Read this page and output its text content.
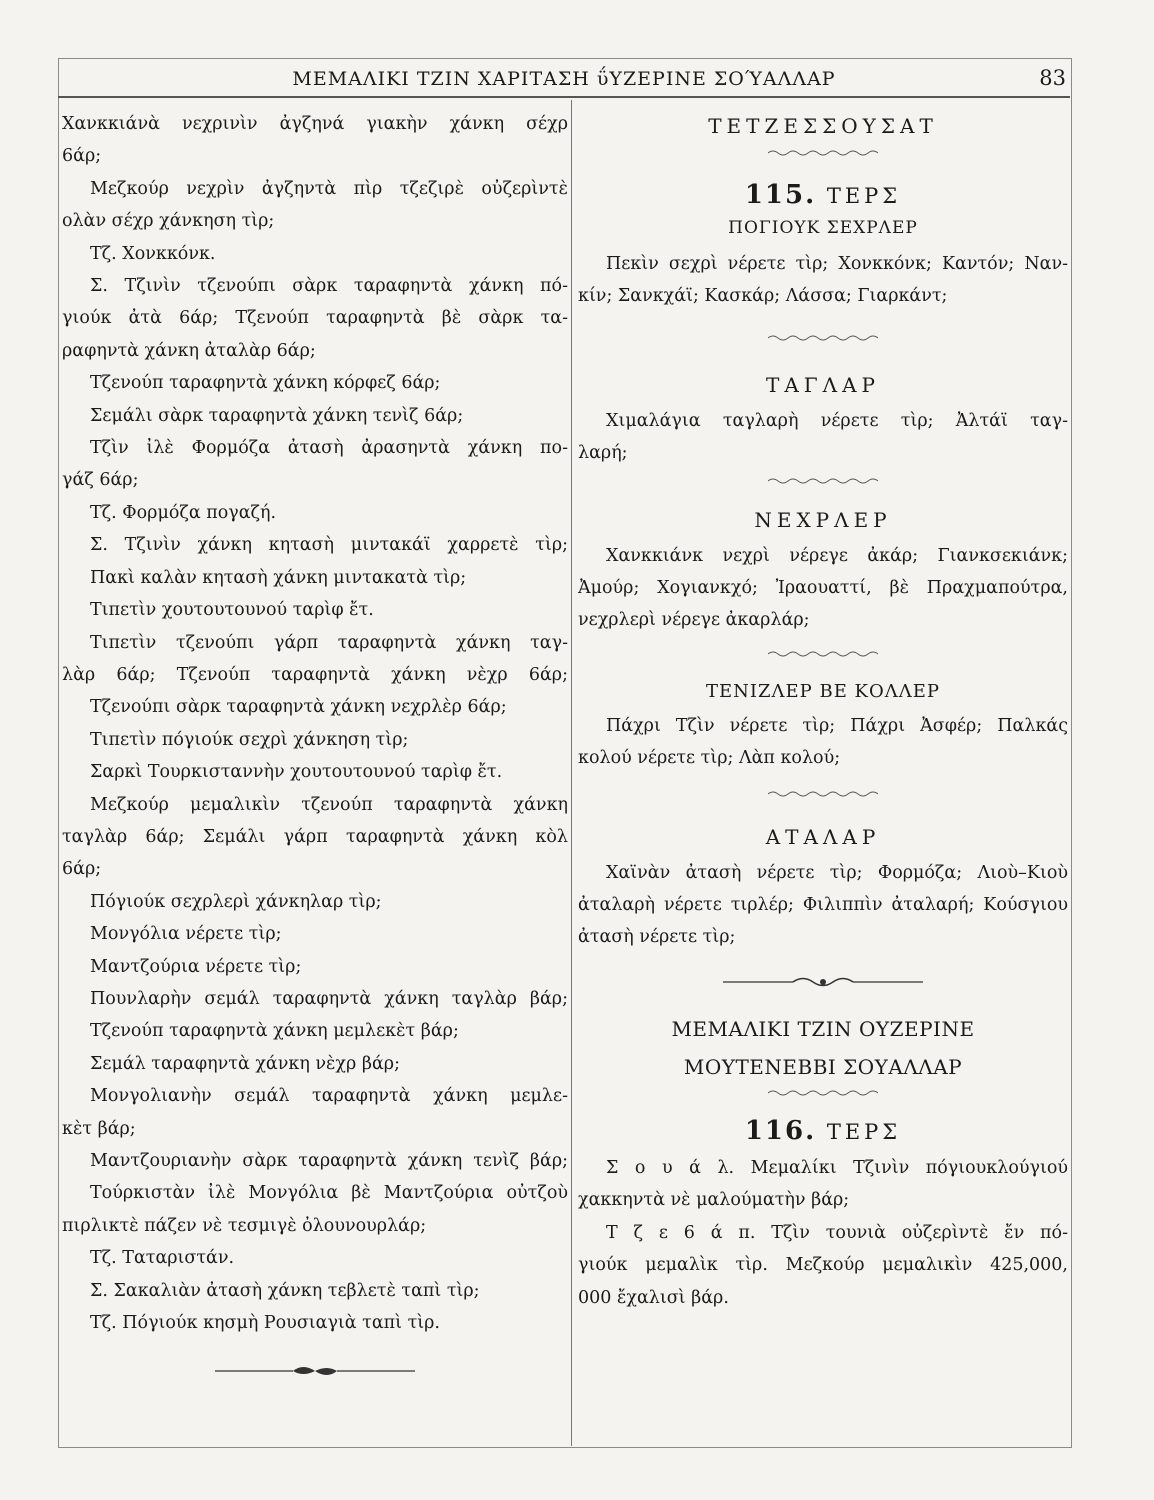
ΜΕΜΑΛΙΚΙ ΤΖΙΝ ΧΑΡΙΤΑΣΗ ΰΥΖΕΡΙΝΕ ΣΟΎΑΛΛΑΡ	83
Χανκκιάνὰ νεχρινὶν ἀγζηνά γιακὴν χάνκη σέχρ
6άρ;
Μεζκούρ νεχρὶν ἀγζηντὰ πὶρ τζεζιρὲ οὐζερὶντὲ
ολὰν σέχρ χάνκηση τὶρ;
Τζ. Χονκκόνκ.
Σ. Τζινὶν τζενούπι σὰρκ ταραφηντὰ χάνκη πό-
γιούκ ἀτὰ 6άρ; Τζενούπ ταραφηντὰ βὲ σὰρκ τα-
ραφηντὰ χάνκη ἀταλὰρ 6άρ;
Τζενούπ ταραφηντὰ χάνκη κόρφεζ 6άρ;
Σεμάλι σὰρκ ταραφηντὰ χάνκη τενὶζ 6άρ;
Τζὶν ἰλὲ Φορμόζα ἀτασὴ ἀρασηντὰ χάνκη πο-
γάζ 6άρ;
Τζ. Φορμόζα πογαζή.
Σ. Τζινὶν χάνκη κητασὴ μιντακάϊ χαρρετὲ τὶρ;
Πακὶ καλὰν κητασὴ χάνκη μιντακατὰ τὶρ;
Τιπετὶν χουτουτουνού ταρὶφ ἔτ.
Τιπετὶν τζενούπι γάρπ ταραφηντὰ χάνκη ταγ-
λὰρ 6άρ; Τζενούπ ταραφηντὰ χάνκη νὲχρ 6άρ;
Τζενούπι σὰρκ ταραφηντὰ χάνκη νεχρλὲρ 6άρ;
Τιπετὶν πόγιούκ σεχρὶ χάνκηση τὶρ;
Σαρκὶ Τουρκισταννὴν χουτουτουνού ταρὶφ ἔτ.
Μεζκούρ μεμαλικὶν τζενούπ ταραφηντὰ χάνκη
ταγλὰρ 6άρ; Σεμάλι γάρπ ταραφηντὰ χάνκη κὸλ
6άρ;
Πόγιούκ σεχρλερὶ χάνκηλαρ τὶρ;
Μονγόλια νέρετε τὶρ;
Μαντζούρια νέρετε τὶρ;
Πουνλαρὴν σεμάλ ταραφηντὰ χάνκη ταγλὰρ βάρ;
Τζενούπ ταραφηντὰ χάνκη μεμλεκὲτ βάρ;
Σεμάλ ταραφηντὰ χάνκη νὲχρ βάρ;
Μονγολιανὴν σεμάλ ταραφηντὰ χάνκη μεμλε-
κὲτ βάρ;
Μαντζουριανὴν σὰρκ ταραφηντὰ χάνκη τενὶζ βάρ;
Τούρκιστὰν ἰλὲ Μονγόλια βὲ Μαντζούρια οὐτζοὺ
πιρλικτὲ πάζεν νὲ τεσμιγὲ ὀλουνουρλάρ;
Τζ. Ταταριστάν.
Σ. Σακαλιὰν ἀτασὴ χάνκη τεβλετὲ ταπὶ τὶρ;
Τζ. Πόγιούκ κησμὴ Ρουσιαγιὰ ταπὶ τὶρ.
ΤΕΤΖΕΣΣΟΥΣΑΤ
115. ΤΕΡΣ
ΠΟΓΙΟΥΚ ΣΕΧΡΛΕΡ
Πεκὶν σεχρὶ νέρετε τὶρ; Χονκκόνκ; Καντόν; Ναν-
κίν; Σανκχάϊ; Κασκάρ; Λάσσα; Γιαρκάντ;
ΤΑΓΛΑΡ
Χιμαλάγια ταγλαρὴ νέρετε τὶρ; Ἀλτάϊ ταγ-
λαρή;
ΝΕΧΡΛΕΡ
Χανκκιάνκ νεχρὶ νέρεγε ἀκάρ; Γιανκσεκιάνκ;
Ἀμούρ; Χογιανκχό; Ἰραουαττί, βὲ Πραχμαπούτρα,
νεχρλερὶ νέρεγε ἀκαρλάρ;
ΤΕΝΙΖΛΕΡ ΒΕ ΚΟΛΛΕΡ
Πάχρι Τζὶν νέρετε τὶρ; Πάχρι Ἀσφέρ; Παλκάς
κολού νέρετε τὶρ; Λὰπ κολού;
ΑΤΑΛΑΡ
Χαϊνὰν ἀτασὴ νέρετε τὶρ; Φορμόζα; Λιοὺ–Κιοὺ
ἀταλαρὴ νέρετε τιρλέρ; Φιλιππὶν ἀταλαρή; Κούσγιου
ἀτασὴ νέρετε τὶρ;
ΜΕΜΑΛΙΚΙ ΤΖΙΝ ΟΥΖΕΡΙΝΕ
ΜΟΥΤΕΝΕΒΒΙ ΣΟΥΑΛΛΑΡ
116. ΤΕΡΣ
Σ ο υ ά λ. Μεμαλίκι Τζινὶν πόγιουκλούγιού
χακκηντὰ νὲ μαλούματὴν βάρ;
Τ ζ ε 6 ά π. Τζὶν τουνιὰ οὐζερὶντὲ ἔν πό-
γιούκ μεμαλὶκ τὶρ. Μεζκούρ μεμαλικὶν 425,000,
000 ἔχαλισὶ βάρ.
